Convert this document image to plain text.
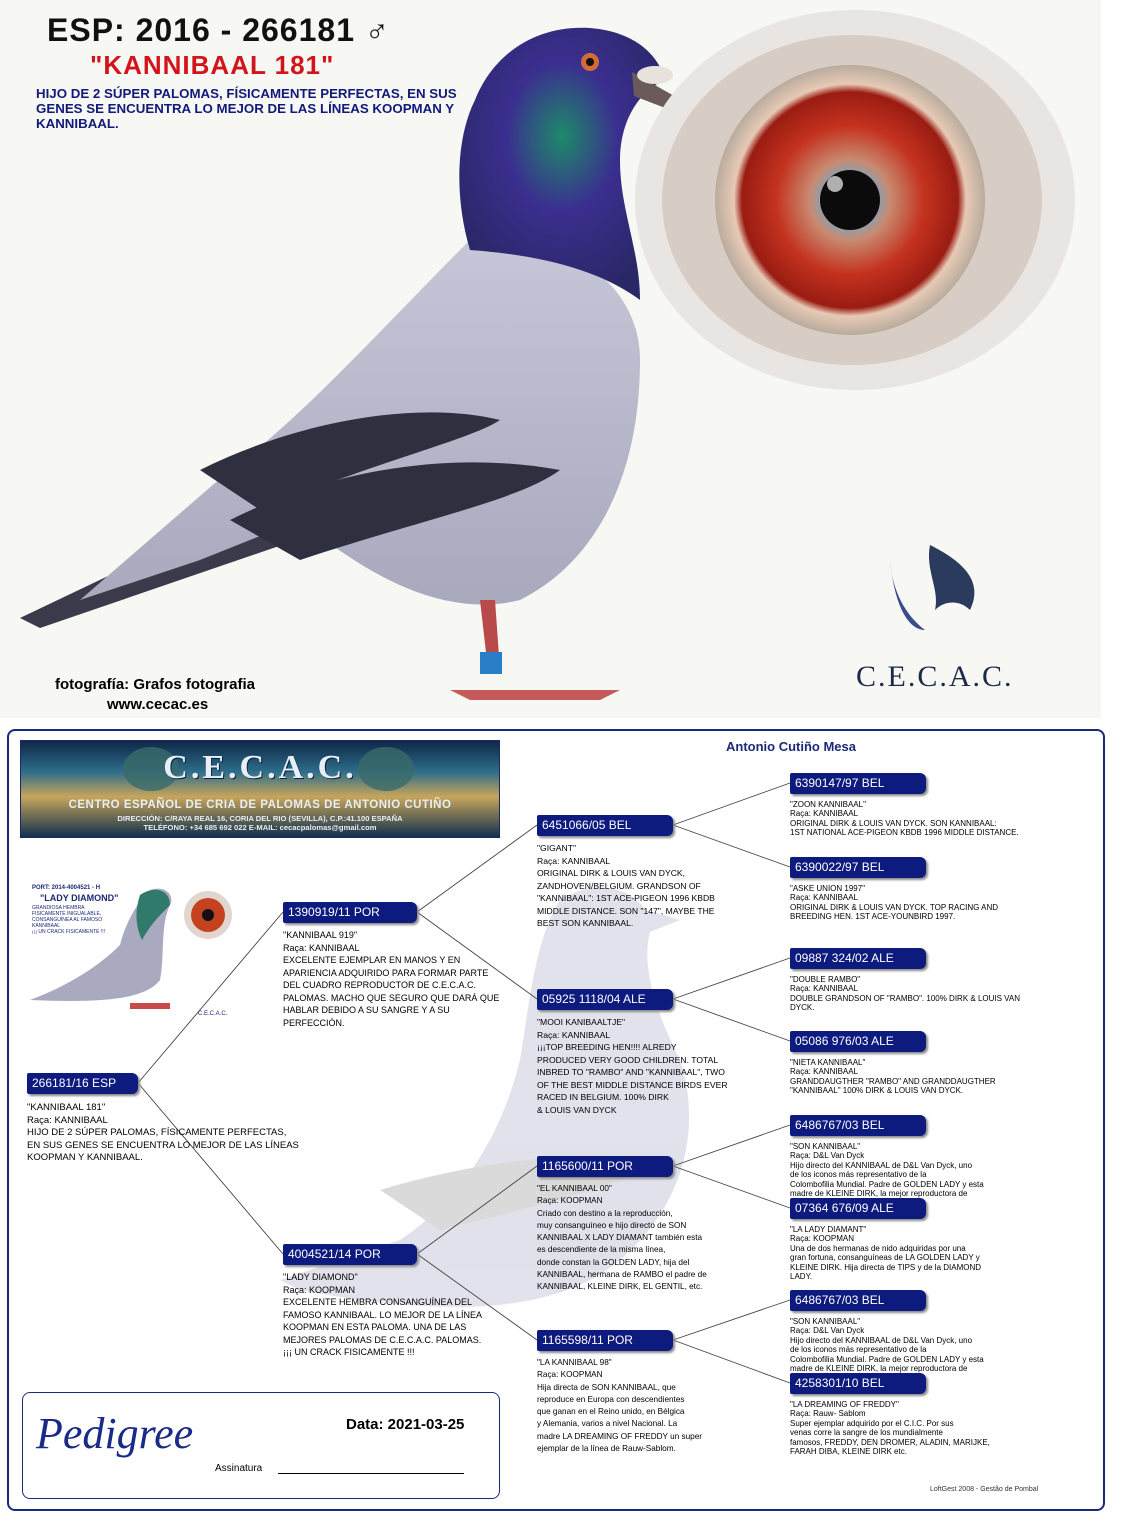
ESP: 2016 - 266181 ♂
"KANNIBAAL 181"
HIJO DE 2 SÚPER PALOMAS, FÍSICAMENTE PERFECTAS, EN SUS GENES SE ENCUENTRA LO MEJOR DE LAS LÍNEAS KOOPMAN Y KANNIBAAL.
fotografía: Grafos fotografia
www.cecac.es
C.E.C.A.C.
Antonio Cutiño Mesa
C.E.C.A.C.
CENTRO ESPAÑOL DE CRIA DE PALOMAS DE ANTONIO CUTIÑO
DIRECCIÓN: C/RAYA REAL 16, CORIA DEL RIO (SEVILLA), C.P.:41.100 ESPAÑA
TELÉFONO: +34 685 692 022 E-MAIL: cecacpalomas@gmail.com
PORT: 2014-4004521 - H
"LADY DIAMOND"
GRANDIOSA HEMBRA
FISICAMENTE INIGUALABLE,
CONSANGUÍNEA AL FAMOSO
KANNIBAAL
¡¡¡ UN CRACK FISICAMENTE !!!
C.E.C.A.C.
266181/16 ESP
"KANNIBAAL 181"
Raça: KANNIBAAL
HIJO DE 2 SÚPER PALOMAS, FÍSICAMENTE PERFECTAS,
EN SUS GENES SE ENCUENTRA LO MEJOR DE LAS LÍNEAS
KOOPMAN Y KANNIBAAL.
1390919/11 POR
"KANNIBAAL 919"
Raça: KANNIBAAL
EXCELENTE EJEMPLAR EN MANOS Y EN
APARIENCIA ADQUIRIDO PARA FORMAR PARTE
DEL CUADRO REPRODUCTOR DE C.E.C.A.C.
PALOMAS. MACHO QUE SEGURO QUE DARÁ QUE
HABLAR DEBIDO A SU SANGRE Y A SU
PERFECCIÓN.
4004521/14 POR
"LADY DIAMOND"
Raça: KOOPMAN
EXCELENTE HEMBRA CONSANGUÍNEA DEL
FAMOSO KANNIBAAL. LO MEJOR DE LA LÍNEA
KOOPMAN EN ESTA PALOMA. UNA DE LAS
MEJORES PALOMAS DE C.E.C.A.C. PALOMAS.
¡¡¡ UN CRACK FISICAMENTE !!!
6451066/05 BEL
"GIGANT"
Raça: KANNIBAAL
ORIGINAL DIRK & LOUIS VAN DYCK,
ZANDHOVEN/BELGIUM. GRANDSON OF
"KANNIBAAL": 1ST ACE-PIGEON 1996 KBDB
MIDDLE DISTANCE. SON "147", MAYBE THE
BEST SON KANNIBAAL.
05925 1118/04 ALE
"MOOI KANIBAALTJE"
Raça: KANNIBAAL
¡¡¡TOP BREEDING HEN!!!! ALREDY
PRODUCED VERY GOOD CHILDREN. TOTAL
INBRED TO "RAMBO" AND "KANNIBAAL", TWO
OF THE BEST MIDDLE DISTANCE BIRDS EVER
RACED IN BELGIUM. 100% DIRK
& LOUIS VAN DYCK
1165600/11 POR
"EL KANNIBAAL 00"
Raça: KOOPMAN
Criado con destino a la reproducción,
muy consanguíneo e hijo directo de SON
KANNIBAAL X LADY DIAMANT también esta
es descendiente de la misma línea,
donde constan la GOLDEN LADY, hija del
KANNIBAAL, hermana de RAMBO el padre de
KANNIBAAL, KLEINE DIRK, EL GENTIL, etc.
1165598/11 POR
"LA KANNIBAAL 98"
Raça: KOOPMAN
Hija directa de SON KANNIBAAL, que
reproduce en Europa con descendientes
que ganan en el Reino unido, en Bélgica
y Alemania, varios a nivel Nacional. La
madre LA DREAMING OF FREDDY un super
ejemplar de la línea de Rauw-Sablom.
6390147/97 BEL
"ZOON KANNIBAAL"
Raça: KANNIBAAL
ORIGINAL DIRK & LOUIS VAN DYCK. SON KANNIBAAL:
1ST NATIONAL ACE-PIGEON KBDB 1996 MIDDLE DISTANCE.
6390022/97 BEL
"ASKE UNION 1997"
Raça: KANNIBAAL
ORIGINAL DIRK & LOUIS VAN DYCK. TOP RACING AND
BREEDING HEN. 1ST ACE-YOUNBIRD 1997.
09887 324/02 ALE
"DOUBLE RAMBO"
Raça: KANNIBAAL
DOUBLE GRANDSON OF "RAMBO". 100% DIRK & LOUIS VAN
DYCK.
05086 976/03 ALE
"NIETA KANNIBAAL"
Raça: KANNIBAAL
GRANDDAUGTHER "RAMBO" AND GRANDDAUGTHER
"KANNIBAAL" 100% DIRK & LOUIS VAN DYCK.
6486767/03 BEL
"SON KANNIBAAL"
Raça: D&L Van Dyck
Hijo directo del KANNIBAAL de D&L Van Dyck, uno
de los iconos más representativo de la
Colombofilia Mundial. Padre de GOLDEN LADY y esta
madre de KLEINE DIRK, la mejor reproductora de
07364 676/09 ALE
"LA LADY DIAMANT"
Raça: KOOPMAN
Una de dos hermanas de nido adquiridas por una
gran fortuna, consanguíneas de LA GOLDEN LADY y
KLEINE DIRK. Hija directa de TIPS y de la DIAMOND
LADY.
6486767/03 BEL
"SON KANNIBAAL"
Raça: D&L Van Dyck
Hijo directo del KANNIBAAL de D&L Van Dyck, uno
de los iconos más representativo de la
Colombofilia Mundial. Padre de GOLDEN LADY y esta
madre de KLEINE DIRK, la mejor reproductora de
4258301/10 BEL
"LA DREAMING OF FREDDY"
Raça: Rauw- Sablom
Super ejemplar adquirido por el C.I.C. Por sus
venas corre la sangre de los mundialmente
famosos, FREDDY, DEN DROMER, ALADIN, MARIJKE,
FARAH DIBA, KLEINE DIRK etc.
Pedigree	Data: 2021-03-25
Assinatura
LoftGest 2008 - Gestão de Pombal
